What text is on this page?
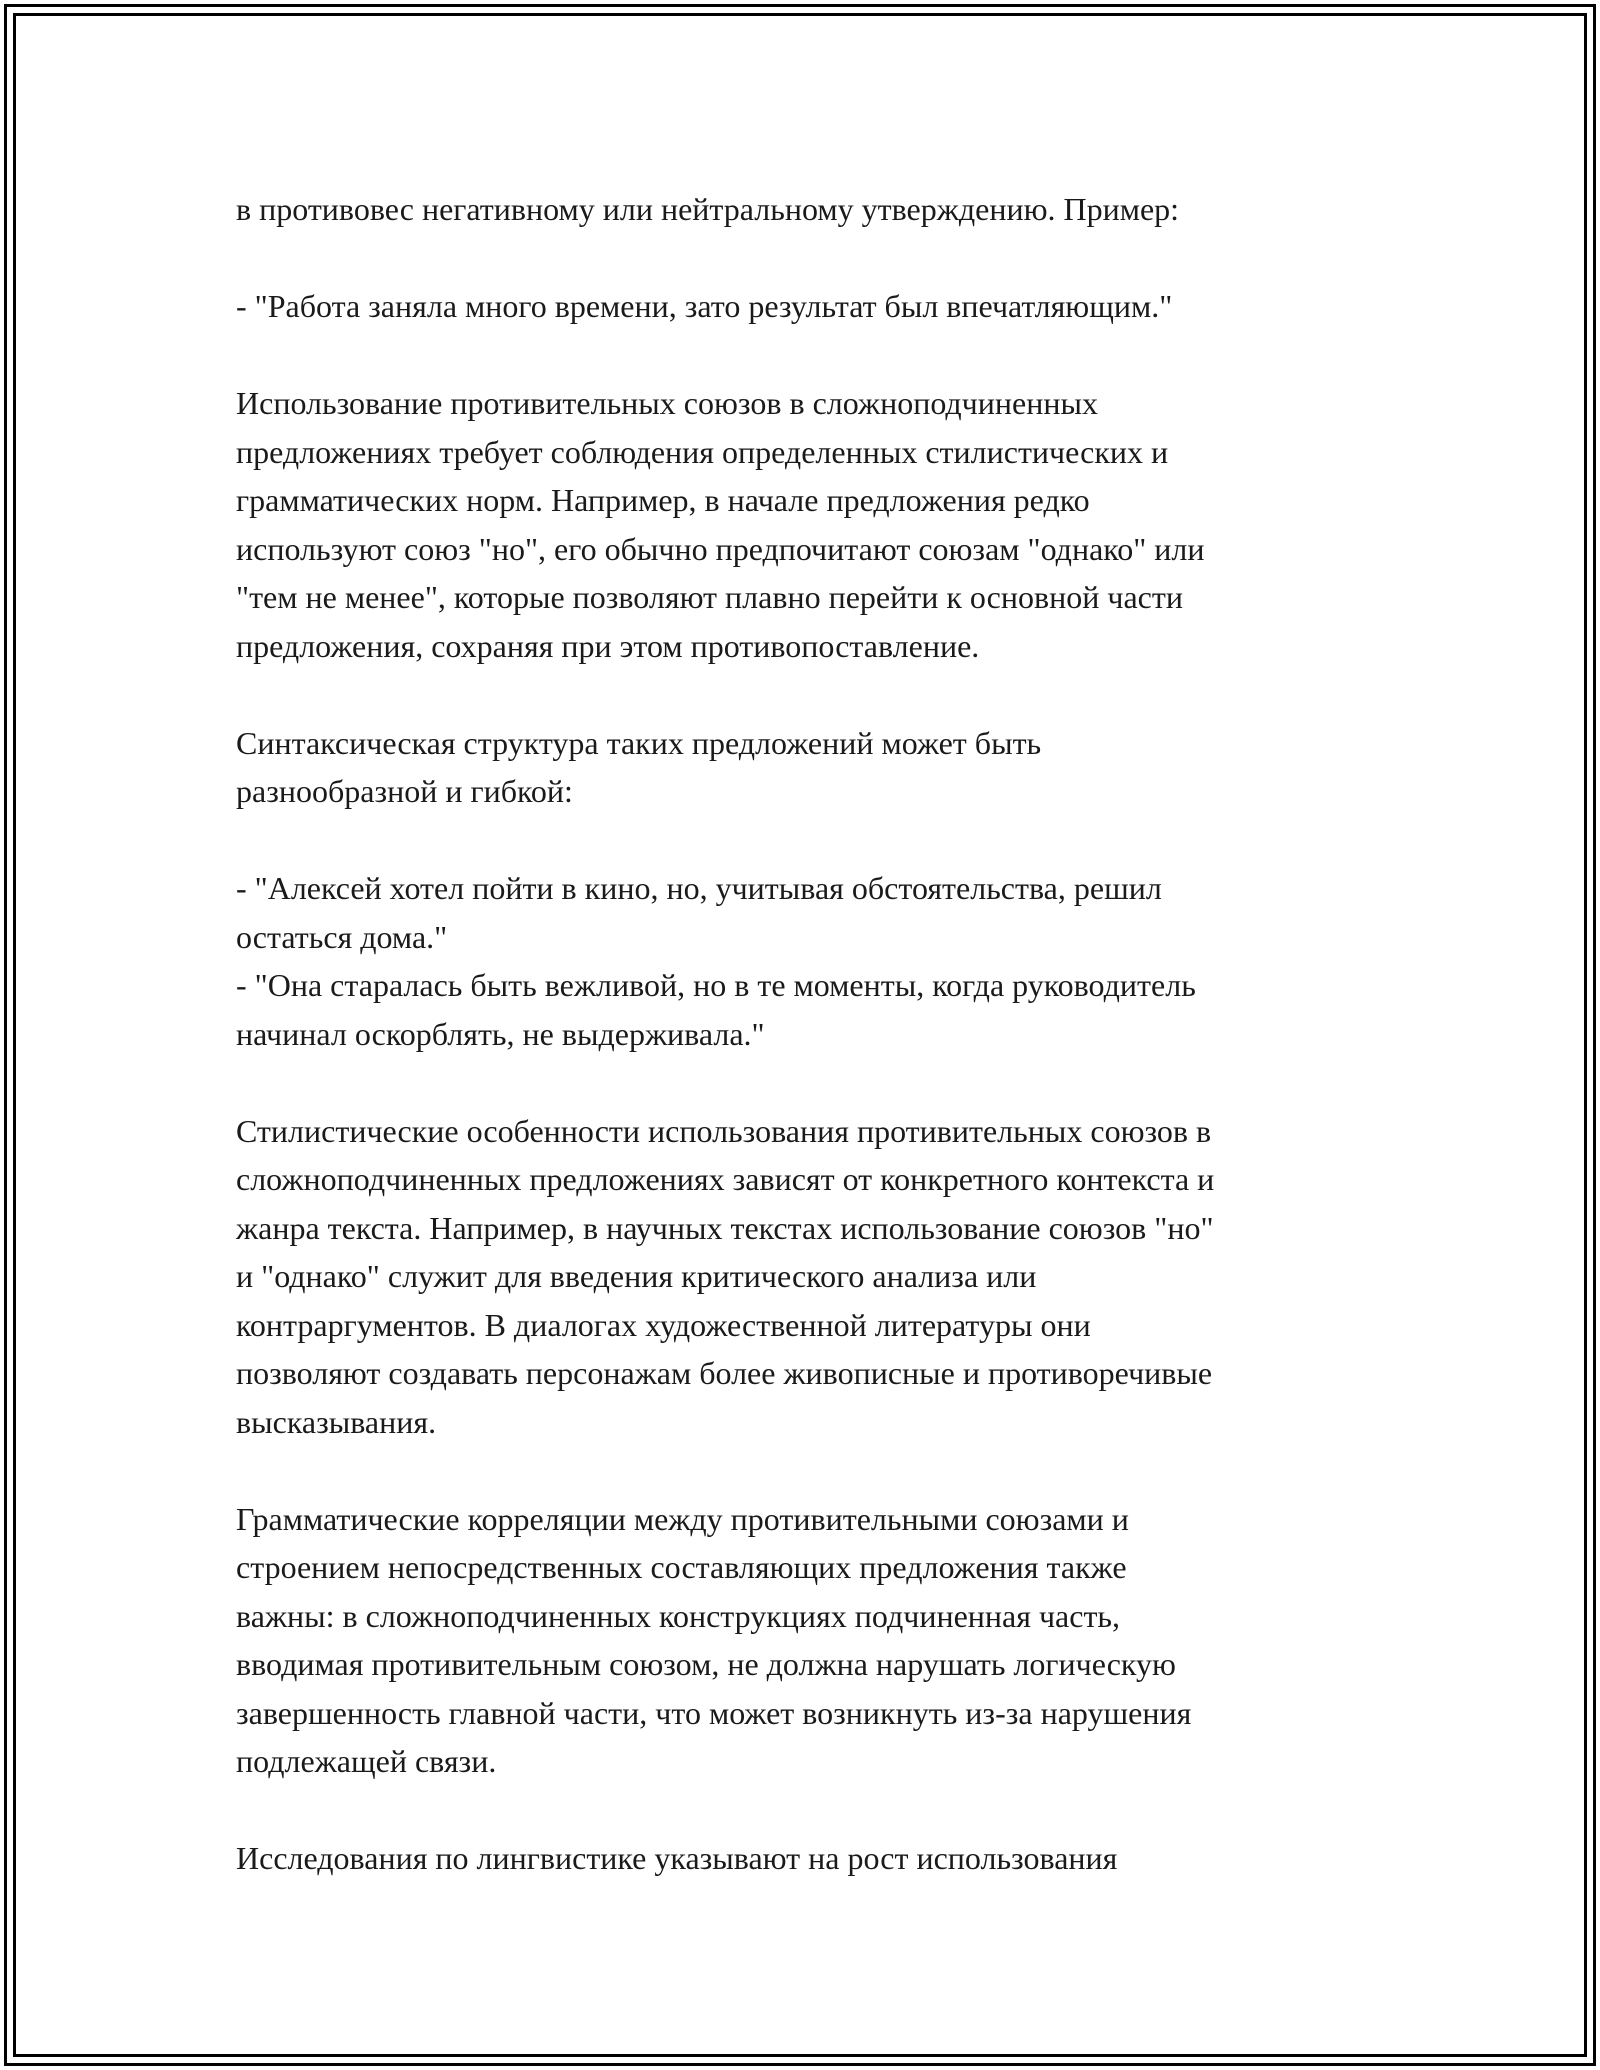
в противовес негативному или нейтральному утверждению. Пример:

- "Работа заняла много времени, зато результат был впечатляющим."

Использование противительных союзов в сложноподчиненных
предложениях требует соблюдения определенных стилистических и
грамматических норм. Например, в начале предложения редко
используют союз "но", его обычно предпочитают союзам "однако" или
"тем не менее", которые позволяют плавно перейти к основной части
предложения, сохраняя при этом противопоставление.

Синтаксическая структура таких предложений может быть
разнообразной и гибкой:

- "Алексей хотел пойти в кино, но, учитывая обстоятельства, решил
остаться дома."
- "Она старалась быть вежливой, но в те моменты, когда руководитель
начинал оскорблять, не выдерживала."

Стилистические особенности использования противительных союзов в
сложноподчиненных предложениях зависят от конкретного контекста и
жанра текста. Например, в научных текстах использование союзов "но"
и "однако" служит для введения критического анализа или
контраргументов. В диалогах художественной литературы они
позволяют создавать персонажам более живописные и противоречивые
высказывания.

Грамматические корреляции между противительными союзами и
строением непосредственных составляющих предложения также
важны: в сложноподчиненных конструкциях подчиненная часть,
вводимая противительным союзом, не должна нарушать логическую
завершенность главной части, что может возникнуть из-за нарушения
подлежащей связи.

Исследования по лингвистике указывают на рост использования
